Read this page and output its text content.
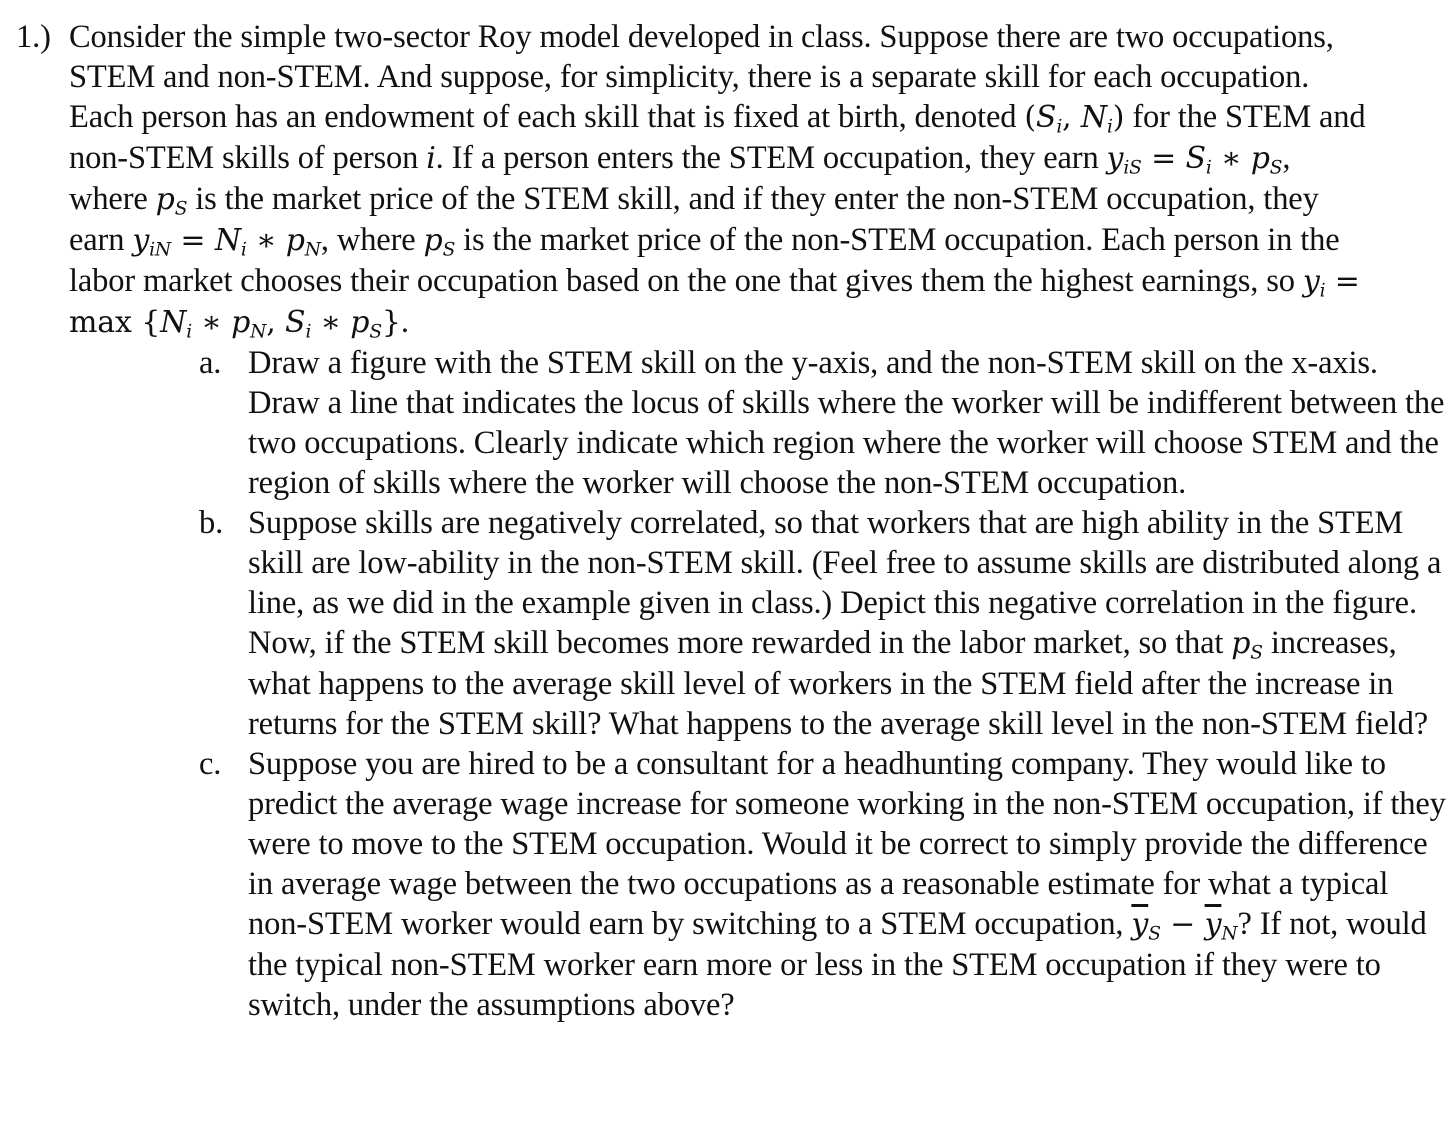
1.) Consider the simple two-sector Roy model developed in class. Suppose there are two occupations, STEM and non-STEM. And suppose, for simplicity, there is a separate skill for each occupation. Each person has an endowment of each skill that is fixed at birth, denoted ($S_i$, $N_i$) for the STEM and non-STEM skills of person i. If a person enters the STEM occupation, they earn $y_{iS} = S_i$ ∗ $p_S$, where $p_S$ is the market price of the STEM skill, and if they enter the non-STEM occupation, they earn $y_{iN} = N_i$ ∗ $p_N$, where $p_S$ is the market price of the non-STEM occupation. Each person in the labor market chooses their occupation based on the one that gives them the highest earnings, so $y_i = \max \{N_i$ ∗ $p_N$, $S_i$ ∗ $p_S$}.
a. Draw a figure with the STEM skill on the y-axis, and the non-STEM skill on the x-axis. Draw a line that indicates the locus of skills where the worker will be indifferent between the two occupations. Clearly indicate which region where the worker will choose STEM and the region of skills where the worker will choose the non-STEM occupation.
b. Suppose skills are negatively correlated, so that workers that are high ability in the STEM skill are low-ability in the non-STEM skill. (Feel free to assume skills are distributed along a line, as we did in the example given in class.) Depict this negative correlation in the figure. Now, if the STEM skill becomes more rewarded in the labor market, so that $p_S$ increases, what happens to the average skill level of workers in the STEM field after the increase in returns for the STEM skill? What happens to the average skill level in the non-STEM field?
c. Suppose you are hired to be a consultant for a headhunting company. They would like to predict the average wage increase for someone working in the non-STEM occupation, if they were to move to the STEM occupation. Would it be correct to simply provide the difference in average wage between the two occupations as a reasonable estimate for what a typical non-STEM worker would earn by switching to a STEM occupation, $\overline{y}_S - \overline{y}_N$? If not, would the typical non-STEM worker earn more or less in the STEM occupation if they were to switch, under the assumptions above?
